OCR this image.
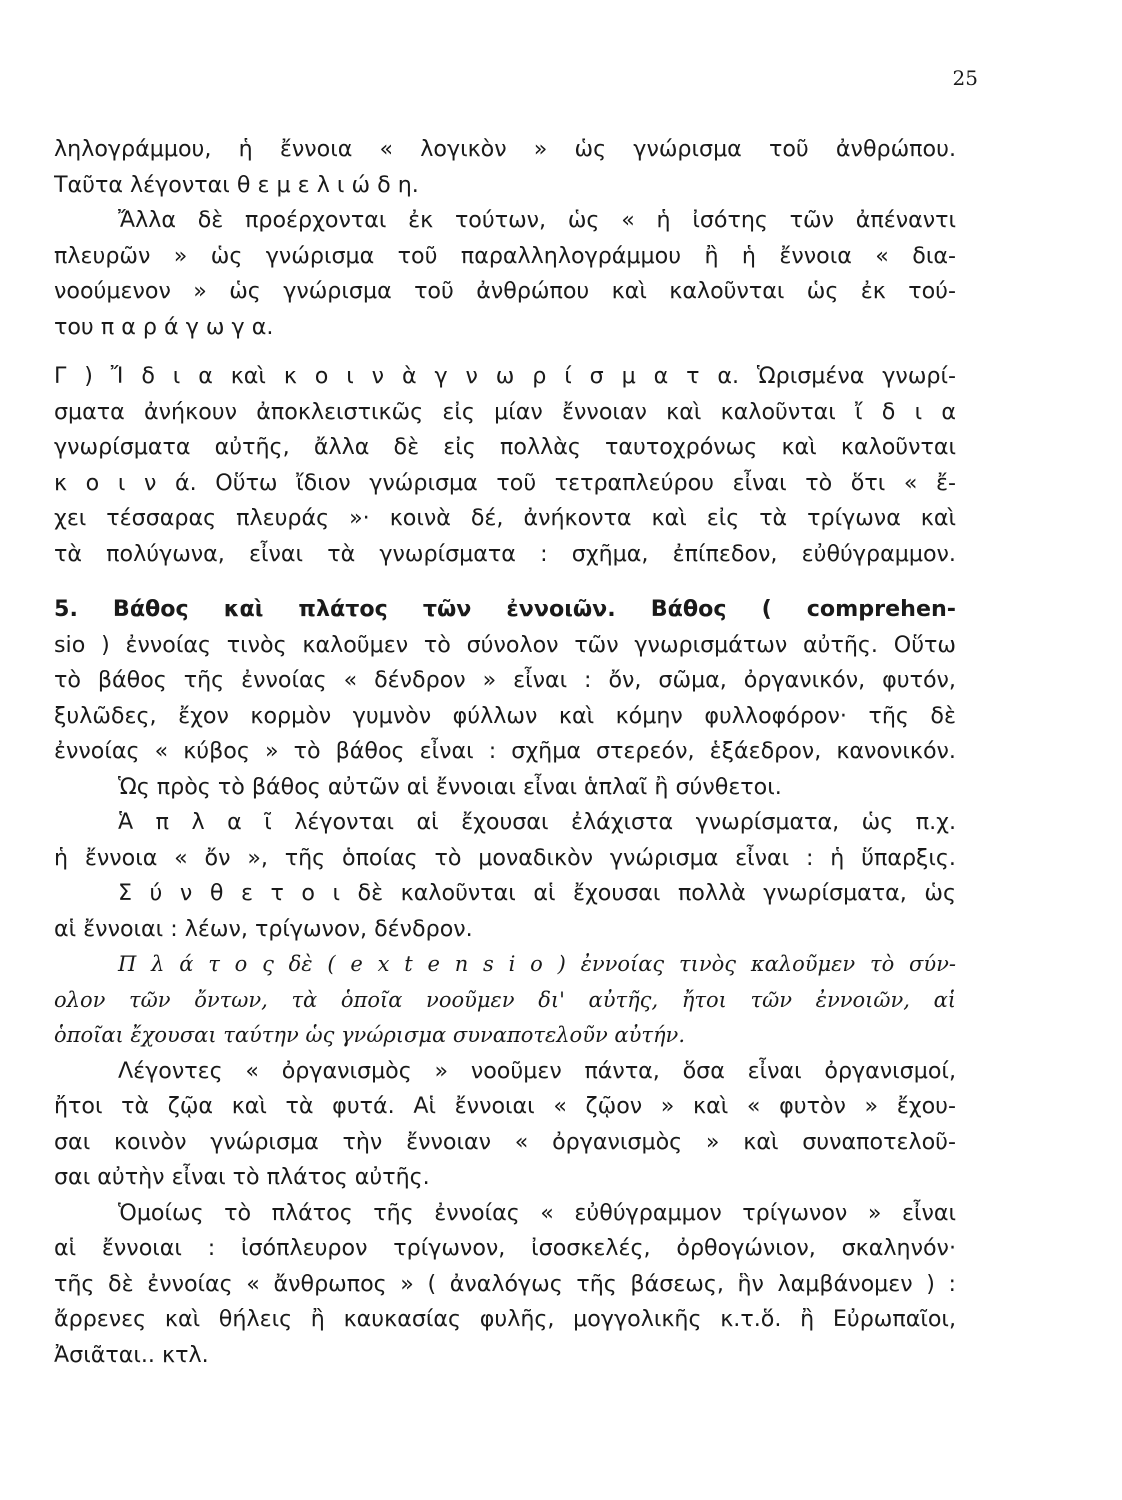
25
ληλογράμμου, ἡ ἔννοια « λογικὸν » ὡς γνώρισμα τοῦ ἀνθρώπου.
Ταῦτα λέγονται θ ε μ ε λ ι ώ δ η.
Ἄλλα δὲ προέρχονται ἐκ τούτων, ὡς « ἡ ἰσότης τῶν ἀπέναντι
πλευρῶν » ὡς γνώρισμα τοῦ παραλληλογράμμου ἢ ἡ ἔννοια « δια-
νοούμενον » ὡς γνώρισμα τοῦ ἀνθρώπου καὶ καλοῦνται ὡς ἐκ τού-
του π α ρ ά γ ω γ α.
Γ ) Ἴ δ ι α καὶ κ ο ι ν ὰ γ ν ω ρ ί σ μ α τ α. Ὡρισμένα γνωρί-
σματα ἀνήκουν ἀποκλειστικῶς εἰς μίαν ἔννοιαν καὶ καλοῦνται ἴ δ ι α
γνωρίσματα αὐτῆς, ἄλλα δὲ εἰς πολλὰς ταυτοχρόνως καὶ καλοῦνται
κ ο ι ν ά. Οὕτω ἴδιον γνώρισμα τοῦ τετραπλεύρου εἶναι τὸ ὅτι « ἔ-
χει τέσσαρας πλευράς »· κοινὰ δέ, ἀνήκοντα καὶ εἰς τὰ τρίγωνα καὶ
τὰ πολύγωνα, εἶναι τὰ γνωρίσματα : σχῆμα, ἐπίπεδον, εὐθύγραμμον.
5. Βάθος καὶ πλάτος τῶν ἐννοιῶν. Βάθος ( comprehen-
sio ) ἐννοίας τινὸς καλοῦμεν τὸ σύνολον τῶν γνωρισμάτων αὐτῆς. Οὕτω
τὸ βάθος τῆς ἐννοίας « δένδρον » εἶναι : ὄν, σῶμα, ὀργανικόν, φυτόν,
ξυλῶδες, ἔχον κορμὸν γυμνὸν φύλλων καὶ κόμην φυλλοφόρον· τῆς δὲ
ἐννοίας « κύβος » τὸ βάθος εἶναι : σχῆμα στερεόν, ἑξάεδρον, κανονικόν.
Ὡς πρὸς τὸ βάθος αὐτῶν αἱ ἔννοιαι εἶναι ἁπλαῖ ἢ σύνθετοι.
Ἁ π λ α ῖ λέγονται αἱ ἔχουσαι ἐλάχιστα γνωρίσματα, ὡς π.χ.
ἡ ἔννοια « ὄν », τῆς ὁποίας τὸ μοναδικὸν γνώρισμα εἶναι : ἡ ὕπαρξις.
Σ ύ ν θ ε τ ο ι δὲ καλοῦνται αἱ ἔχουσαι πολλὰ γνωρίσματα, ὡς
αἱ ἔννοιαι : λέων, τρίγωνον, δένδρον.
Π λ ά τ ο ς δὲ ( e x t e n s i o ) ἐννοίας τινὸς καλοῦμεν τὸ σύν-
ολον τῶν ὄντων, τὰ ὁποῖα νοοῦμεν δι' αὐτῆς, ἤτοι τῶν ἐννοιῶν, αἱ
ὁποῖαι ἔχουσαι ταύτην ὡς γνώρισμα συναποτελοῦν αὐτήν.
Λέγοντες « ὀργανισμὸς » νοοῦμεν πάντα, ὅσα εἶναι ὀργανισμοί,
ἤτοι τὰ ζῷα καὶ τὰ φυτά. Αἱ ἔννοιαι « ζῷον » καὶ « φυτὸν » ἔχου-
σαι κοινὸν γνώρισμα τὴν ἔννοιαν « ὀργανισμὸς » καὶ συναποτελοῦ-
σαι αὐτὴν εἶναι τὸ πλάτος αὐτῆς.
Ὁμοίως τὸ πλάτος τῆς ἐννοίας « εὐθύγραμμον τρίγωνον » εἶναι
αἱ ἔννοιαι : ἰσόπλευρον τρίγωνον, ἰσοσκελές, ὀρθογώνιον, σκαληνόν·
τῆς δὲ ἐννοίας « ἄνθρωπος » ( ἀναλόγως τῆς βάσεως, ἣν λαμβάνομεν ) :
ἄρρενες καὶ θήλεις ἢ καυκασίας φυλῆς, μογγολικῆς κ.τ.ὅ. ἢ Εὐρωπαῖοι,
Ἀσιᾶται.. κτλ.
